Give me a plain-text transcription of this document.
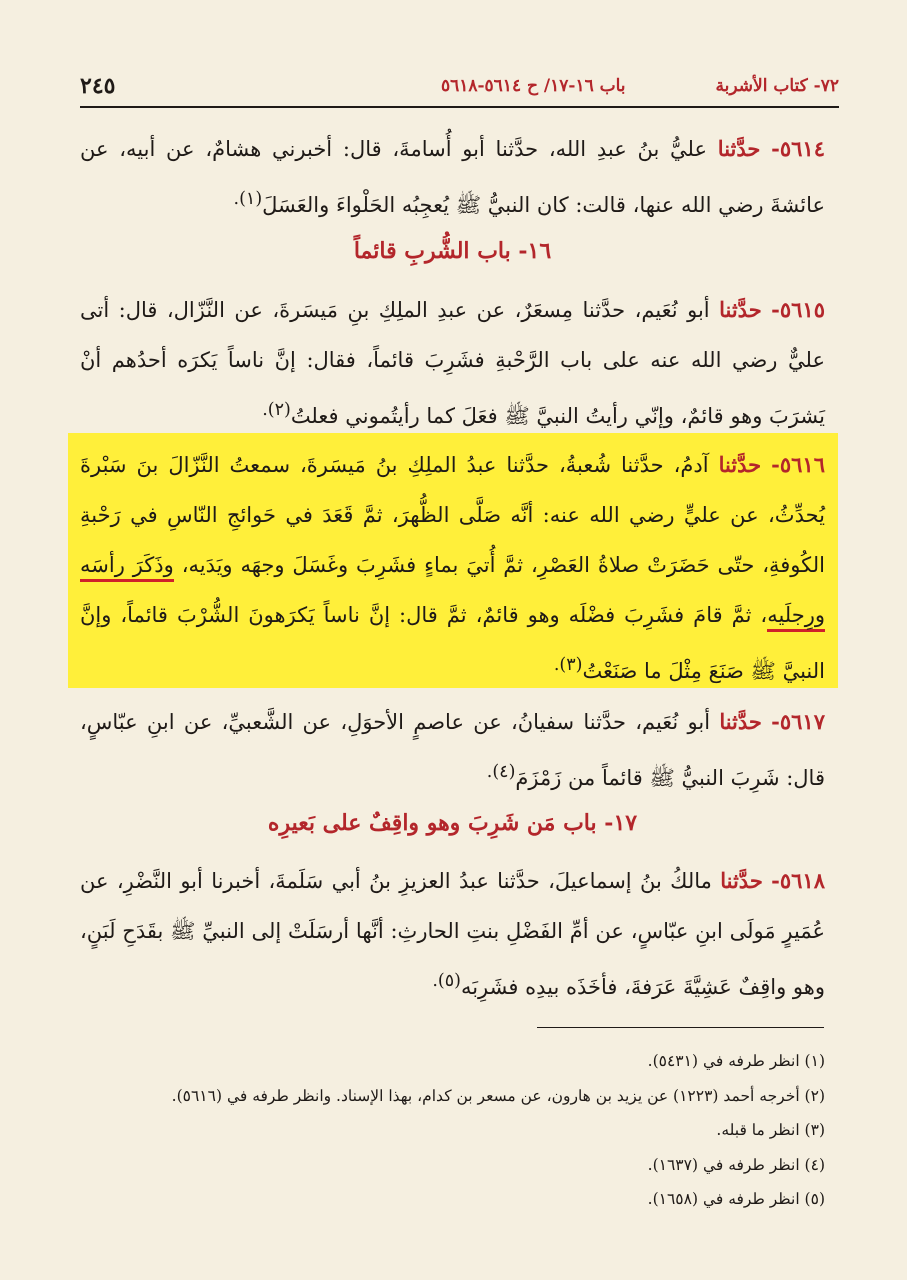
٧٢- كتاب الأشربة
باب ١٦-١٧/ ح ٥٦١٤-٥٦١٨
٢٤٥
٥٦١٤- حدَّثنا عليُّ بنُ عبدِ الله، حدَّثنا أبو أُسامةَ، قال: أخبرني هشامٌ، عن أبيه، عن عائشةَ رضي الله عنها، قالت: كان النبيُّ ﷺ يُعجِبُه الحَلْواءَ والعَسَلَ$^{(١).}$
١٦- باب الشُّربِ قائماً
٥٦١٥- حدَّثنا أبو نُعَيم، حدَّثنا مِسعَرٌ، عن عبدِ الملِكِ بنِ مَيسَرةَ، عن النَّزّال، قال: أتى عليٌّ رضي الله عنه على باب الرَّحْبةِ فشَرِبَ قائماً، فقال: إنَّ ناساً يَكرَه أحدُهم أنْ يَشرَبَ وهو قائمٌ، وإنّي رأيتُ النبيَّ ﷺ فعَلَ كما رأيتُموني فعلتُ$^{(٢).}$
٥٦١٦- حدَّثنا آدمُ، حدَّثنا شُعبةُ، حدَّثنا عبدُ الملِكِ بنُ مَيسَرةَ، سمعتُ النَّزّالَ بنَ سَبْرةَ يُحدِّثُ، عن عليٍّ رضي الله عنه: أنَّه صَلَّى الظُّهرَ، ثمَّ قَعَدَ في حَوائجِ النّاسِ في رَحْبةِ الكُوفةِ، حتّى حَضَرَتْ صلاةُ العَصْرِ، ثمَّ أُتيَ بماءٍ فشَرِبَ وغَسَلَ وجهَه ويَدَيه، وذَكَرَ رأسَه ورِجلَيه، ثمَّ قامَ فشَرِبَ فضْلَه وهو قائمٌ، ثمَّ قال: إنَّ ناساً يَكرَهونَ الشُّرْبَ قائماً، وإنَّ النبيَّ ﷺ صَنَعَ مِثْلَ ما صَنَعْتُ$^{(٣).}$
٥٦١٧- حدَّثنا أبو نُعَيم، حدَّثنا سفيانُ، عن عاصمٍ الأحوَلِ، عن الشَّعبيِّ، عن ابنِ عبّاسٍ، قال: شَرِبَ النبيُّ ﷺ قائماً من زَمْزَمَ$^{(٤).}$
١٧- باب مَن شَرِبَ وهو واقِفٌ على بَعيرِه
٥٦١٨- حدَّثنا مالكُ بنُ إسماعيلَ، حدَّثنا عبدُ العزيزِ بنُ أبي سَلَمةَ، أخبرنا أبو النَّضْرِ، عن عُمَيرٍ مَولَى ابنِ عبّاسٍ، عن أمِّ الفَضْلِ بنتِ الحارثِ: أنَّها أرسَلَتْ إلى النبيِّ ﷺ بقَدَحِ لَبَنٍ، وهو واقِفٌ عَشِيَّةَ عَرَفةَ، فأخَذَه بيدِه فشَرِبَه$^{(٥).}$
(١) انظر طرفه في (٥٤٣١).
(٢) أخرجه أحمد (١٢٢٣) عن يزيد بن هارون، عن مسعر بن كدام، بهذا الإسناد. وانظر طرفه في (٥٦١٦).
(٣) انظر ما قبله.
(٤) انظر طرفه في (١٦٣٧).
(٥) انظر طرفه في (١٦٥٨).
